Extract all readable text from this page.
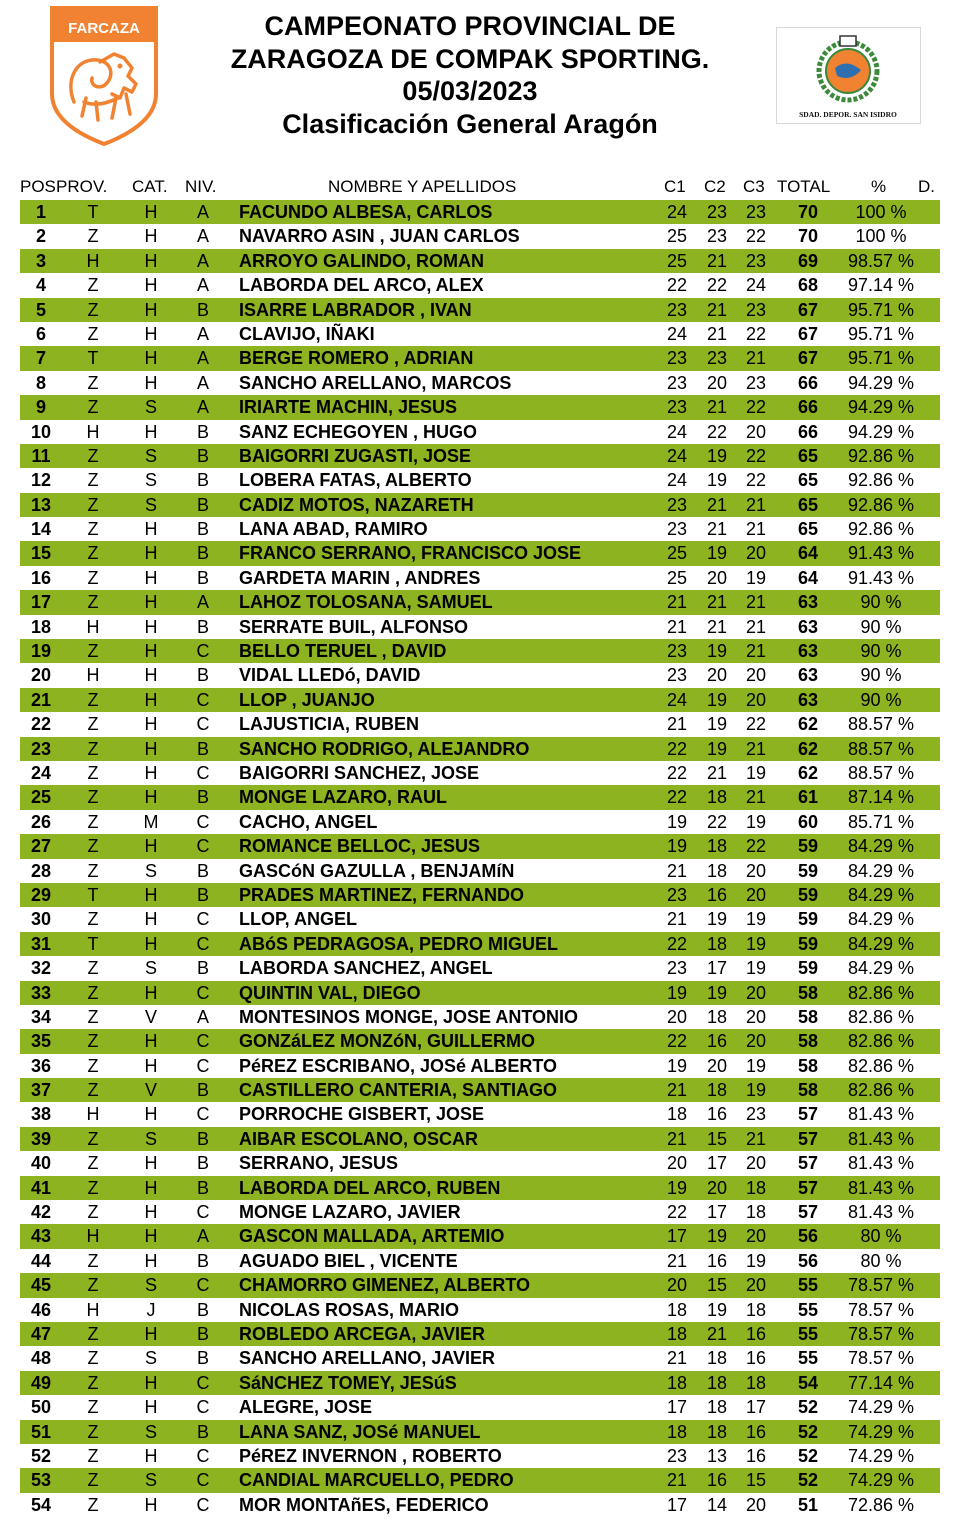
FARCAZA	CAMPEONATO PROVINCIAL DE
ZARAGOZA DE COMPAK SPORTING.
05/03/2023
Clasificación General Aragón	SDAD. DEPOR. SAN ISIDRO
POS PROV. CAT. NIV.	NOMBRE Y APELLIDOS	C1 C2 C3 TOTAL % D.
1	T	H	A	FACUNDO ALBESA, CARLOS	24	23	23	70	100 %
2	Z	H	A	NAVARRO ASIN , JUAN CARLOS	25	23	22	70	100 %
3	H	H	A	ARROYO GALINDO, ROMAN	25	21	23	69	98.57 %
4	Z	H	A	LABORDA DEL ARCO, ALEX	22	22	24	68	97.14 %
5	Z	H	B	ISARRE LABRADOR , IVAN	23	21	23	67	95.71 %
6	Z	H	A	CLAVIJO, IÑAKI	24	21	22	67	95.71 %
7	T	H	A	BERGE ROMERO , ADRIAN	23	23	21	67	95.71 %
8	Z	H	A	SANCHO ARELLANO, MARCOS	23	20	23	66	94.29 %
9	Z	S	A	IRIARTE MACHIN, JESUS	23	21	22	66	94.29 %
10	H	H	B	SANZ ECHEGOYEN , HUGO	24	22	20	66	94.29 %
11	Z	S	B	BAIGORRI ZUGASTI, JOSE	24	19	22	65	92.86 %
12	Z	S	B	LOBERA FATAS, ALBERTO	24	19	22	65	92.86 %
13	Z	S	B	CADIZ MOTOS, NAZARETH	23	21	21	65	92.86 %
14	Z	H	B	LANA ABAD, RAMIRO	23	21	21	65	92.86 %
15	Z	H	B	FRANCO SERRANO, FRANCISCO JOSE	25	19	20	64	91.43 %
16	Z	H	B	GARDETA MARIN , ANDRES	25	20	19	64	91.43 %
17	Z	H	A	LAHOZ TOLOSANA, SAMUEL	21	21	21	63	90 %
18	H	H	B	SERRATE BUIL, ALFONSO	21	21	21	63	90 %
19	Z	H	C	BELLO TERUEL , DAVID	23	19	21	63	90 %
20	H	H	B	VIDAL LLEDó, DAVID	23	20	20	63	90 %
21	Z	H	C	LLOP , JUANJO	24	19	20	63	90 %
22	Z	H	C	LAJUSTICIA, RUBEN	21	19	22	62	88.57 %
23	Z	H	B	SANCHO RODRIGO, ALEJANDRO	22	19	21	62	88.57 %
24	Z	H	C	BAIGORRI SANCHEZ, JOSE	22	21	19	62	88.57 %
25	Z	H	B	MONGE LAZARO, RAUL	22	18	21	61	87.14 %
26	Z	M	C	CACHO, ANGEL	19	22	19	60	85.71 %
27	Z	H	C	ROMANCE BELLOC, JESUS	19	18	22	59	84.29 %
28	Z	S	B	GASCóN GAZULLA , BENJAMíN	21	18	20	59	84.29 %
29	T	H	B	PRADES MARTINEZ, FERNANDO	23	16	20	59	84.29 %
30	Z	H	C	LLOP, ANGEL	21	19	19	59	84.29 %
31	T	H	C	ABóS PEDRAGOSA, PEDRO MIGUEL	22	18	19	59	84.29 %
32	Z	S	B	LABORDA SANCHEZ, ANGEL	23	17	19	59	84.29 %
33	Z	H	C	QUINTIN VAL, DIEGO	19	19	20	58	82.86 %
34	Z	V	A	MONTESINOS MONGE, JOSE ANTONIO	20	18	20	58	82.86 %
35	Z	H	C	GONZáLEZ MONZóN, GUILLERMO	22	16	20	58	82.86 %
36	Z	H	C	PéREZ ESCRIBANO, JOSé ALBERTO	19	20	19	58	82.86 %
37	Z	V	B	CASTILLERO CANTERIA, SANTIAGO	21	18	19	58	82.86 %
38	H	H	C	PORROCHE GISBERT, JOSE	18	16	23	57	81.43 %
39	Z	S	B	AIBAR ESCOLANO, OSCAR	21	15	21	57	81.43 %
40	Z	H	B	SERRANO, JESUS	20	17	20	57	81.43 %
41	Z	H	B	LABORDA DEL ARCO, RUBEN	19	20	18	57	81.43 %
42	Z	H	C	MONGE LAZARO, JAVIER	22	17	18	57	81.43 %
43	H	H	A	GASCON MALLADA, ARTEMIO	17	19	20	56	80 %
44	Z	H	B	AGUADO BIEL , VICENTE	21	16	19	56	80 %
45	Z	S	C	CHAMORRO GIMENEZ, ALBERTO	20	15	20	55	78.57 %
46	H	J	B	NICOLAS ROSAS, MARIO	18	19	18	55	78.57 %
47	Z	H	B	ROBLEDO ARCEGA, JAVIER	18	21	16	55	78.57 %
48	Z	S	B	SANCHO ARELLANO, JAVIER	21	18	16	55	78.57 %
49	Z	H	C	SáNCHEZ TOMEY, JESúS	18	18	18	54	77.14 %
50	Z	H	C	ALEGRE, JOSE	17	18	17	52	74.29 %
51	Z	S	B	LANA SANZ, JOSé MANUEL	18	18	16	52	74.29 %
52	Z	H	C	PéREZ INVERNON , ROBERTO	23	13	16	52	74.29 %
53	Z	S	C	CANDIAL MARCUELLO, PEDRO	21	16	15	52	74.29 %
54	Z	H	C	MOR MONTAñES, FEDERICO	17	14	20	51	72.86 %
